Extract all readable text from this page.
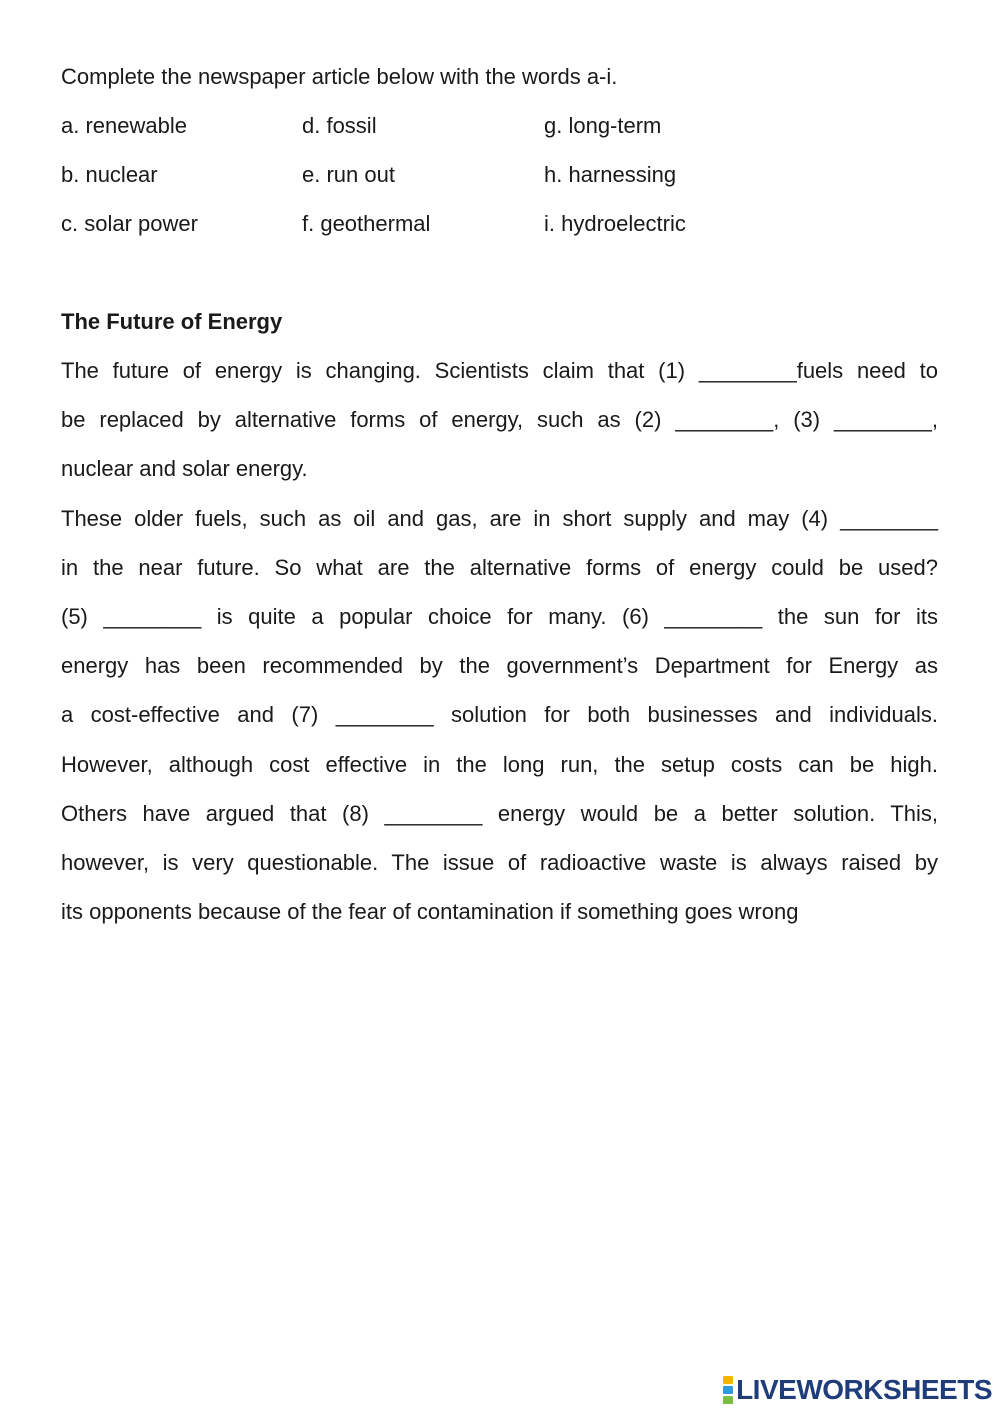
Complete the newspaper article below with the words a-i.

a. renewable	d. fossil	g. long-term
b. nuclear	e. run out	h. harnessing
c. solar power	f. geothermal	i. hydroelectric
The Future of Energy
The future of energy is changing. Scientists claim that (1) ________fuels need to
be replaced by alternative forms of energy, such as (2) ________, (3) ________,
nuclear and solar energy.
These older fuels, such as oil and gas, are in short supply and may (4) ________
in the near future. So what are the alternative forms of energy could be used?
(5) ________ is quite a popular choice for many. (6) ________ the sun for its
energy has been recommended by the government’s Department for Energy as
a cost-effective and (7) ________ solution for both businesses and individuals.
However, although cost effective in the long run, the setup costs can be high.
Others have argued that (8) ________ energy would be a better solution. This,
however, is very questionable. The issue of radioactive waste is always raised by
its opponents because of the fear of contamination if something goes wrong
LIVEWORKSHEETS
